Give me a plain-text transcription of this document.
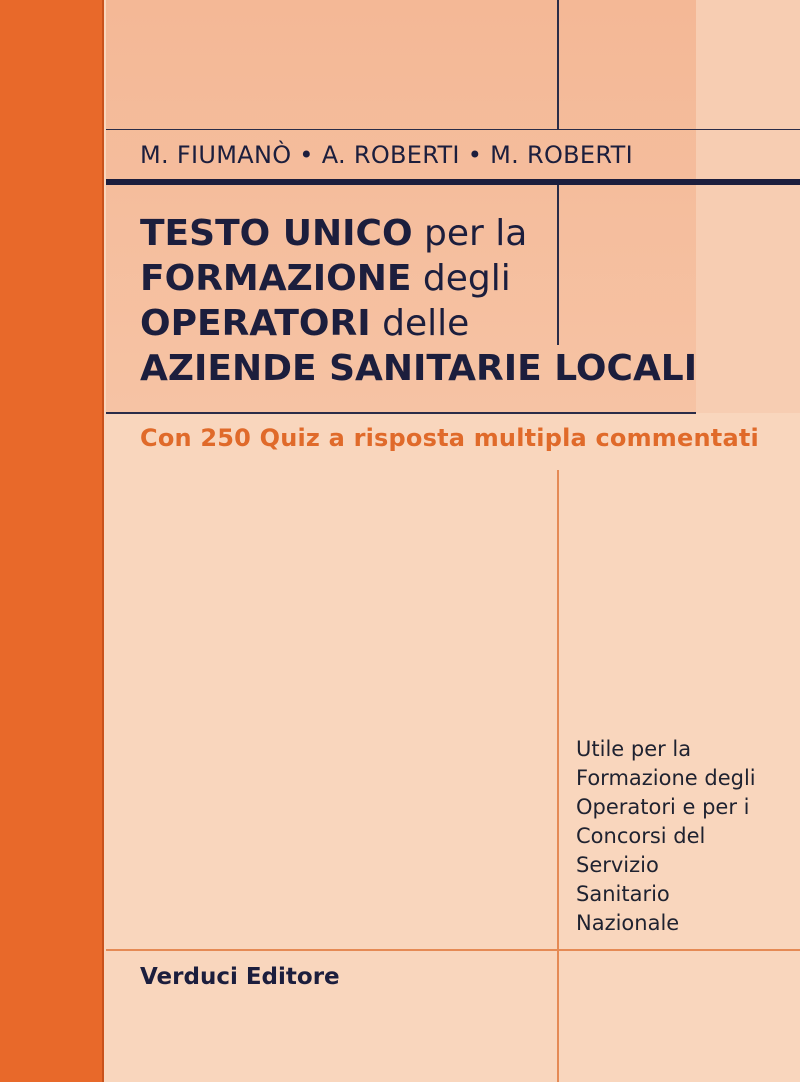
M. FIUMANÒ • A. ROBERTI • M. ROBERTI
TESTO UNICO per la
FORMAZIONE degli
OPERATORI delle
AZIENDE SANITARIE LOCALI
Con 250 Quiz a risposta multipla commentati
Utile per la
Formazione degli
Operatori e per i
Concorsi del
Servizio
Sanitario
Nazionale
Verduci Editore
